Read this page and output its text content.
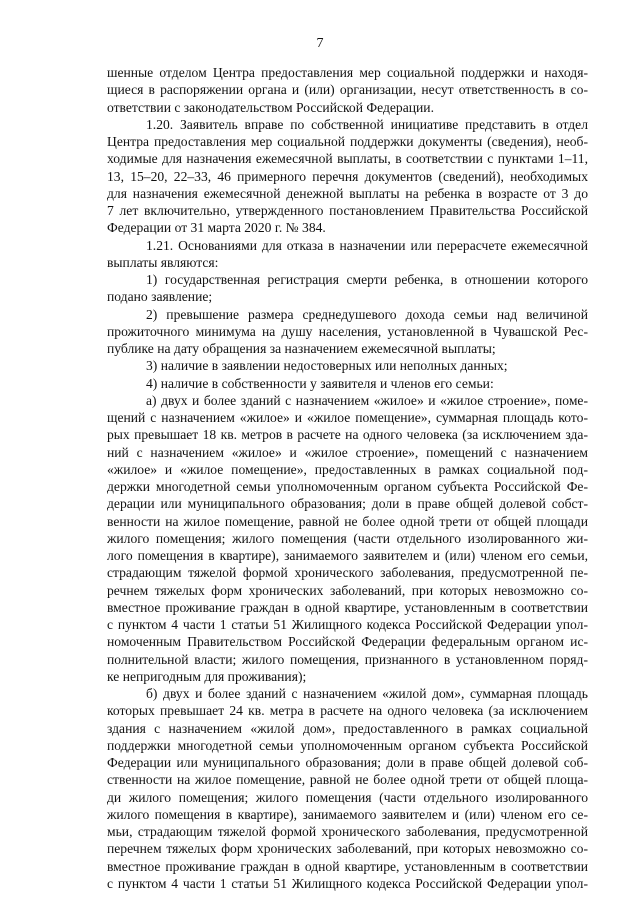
7
шенные отделом Центра предоставления мер социальной поддержки и находя-
щиеся в распоряжении органа и (или) организации, несут ответственность в со-
ответствии с законодательством Российской Федерации.
1.20. Заявитель вправе по собственной инициативе представить в отдел
Центра предоставления мер социальной поддержки документы (сведения), необ-
ходимые для назначения ежемесячной выплаты, в соответствии с пунктами 1–11,
13, 15–20, 22–33, 46 примерного перечня документов (сведений), необходимых
для назначения ежемесячной денежной выплаты на ребенка в возрасте от 3 до
7 лет включительно, утвержденного постановлением Правительства Российской
Федерации от 31 марта 2020 г. № 384.
1.21. Основаниями для отказа в назначении или перерасчете ежемесячной
выплаты являются:
1) государственная регистрация смерти ребенка, в отношении которого
подано заявление;
2) превышение размера среднедушевого дохода семьи над величиной
прожиточного минимума на душу населения, установленной в Чувашской Рес-
публике на дату обращения за назначением ежемесячной выплаты;
3) наличие в заявлении недостоверных или неполных данных;
4) наличие в собственности у заявителя и членов его семьи:
а) двух и более зданий с назначением «жилое» и «жилое строение», поме-
щений с назначением «жилое» и «жилое помещение», суммарная площадь кото-
рых превышает 18 кв. метров в расчете на одного человека (за исключением зда-
ний с назначением «жилое» и «жилое строение», помещений с назначением
«жилое» и «жилое помещение», предоставленных в рамках социальной под-
держки многодетной семьи уполномоченным органом субъекта Российской Фе-
дерации или муниципального образования; доли в праве общей долевой собст-
венности на жилое помещение, равной не более одной трети от общей площади
жилого помещения; жилого помещения (части отдельного изолированного жи-
лого помещения в квартире), занимаемого заявителем и (или) членом его семьи,
страдающим тяжелой формой хронического заболевания, предусмотренной пе-
речнем тяжелых форм хронических заболеваний, при которых невозможно со-
вместное проживание граждан в одной квартире, установленным в соответствии
с пунктом 4 части 1 статьи 51 Жилищного кодекса Российской Федерации упол-
номоченным Правительством Российской Федерации федеральным органом ис-
полнительной власти; жилого помещения, признанного в установленном поряд-
ке непригодным для проживания);
б) двух и более зданий с назначением «жилой дом», суммарная площадь
которых превышает 24 кв. метра в расчете на одного человека (за исключением
здания с назначением «жилой дом», предоставленного в рамках социальной
поддержки многодетной семьи уполномоченным органом субъекта Российской
Федерации или муниципального образования; доли в праве общей долевой соб-
ственности на жилое помещение, равной не более одной трети от общей площа-
ди жилого помещения; жилого помещения (части отдельного изолированного
жилого помещения в квартире), занимаемого заявителем и (или) членом его се-
мьи, страдающим тяжелой формой хронического заболевания, предусмотренной
перечнем тяжелых форм хронических заболеваний, при которых невозможно со-
вместное проживание граждан в одной квартире, установленным в соответствии
с пунктом 4 части 1 статьи 51 Жилищного кодекса Российской Федерации упол-
